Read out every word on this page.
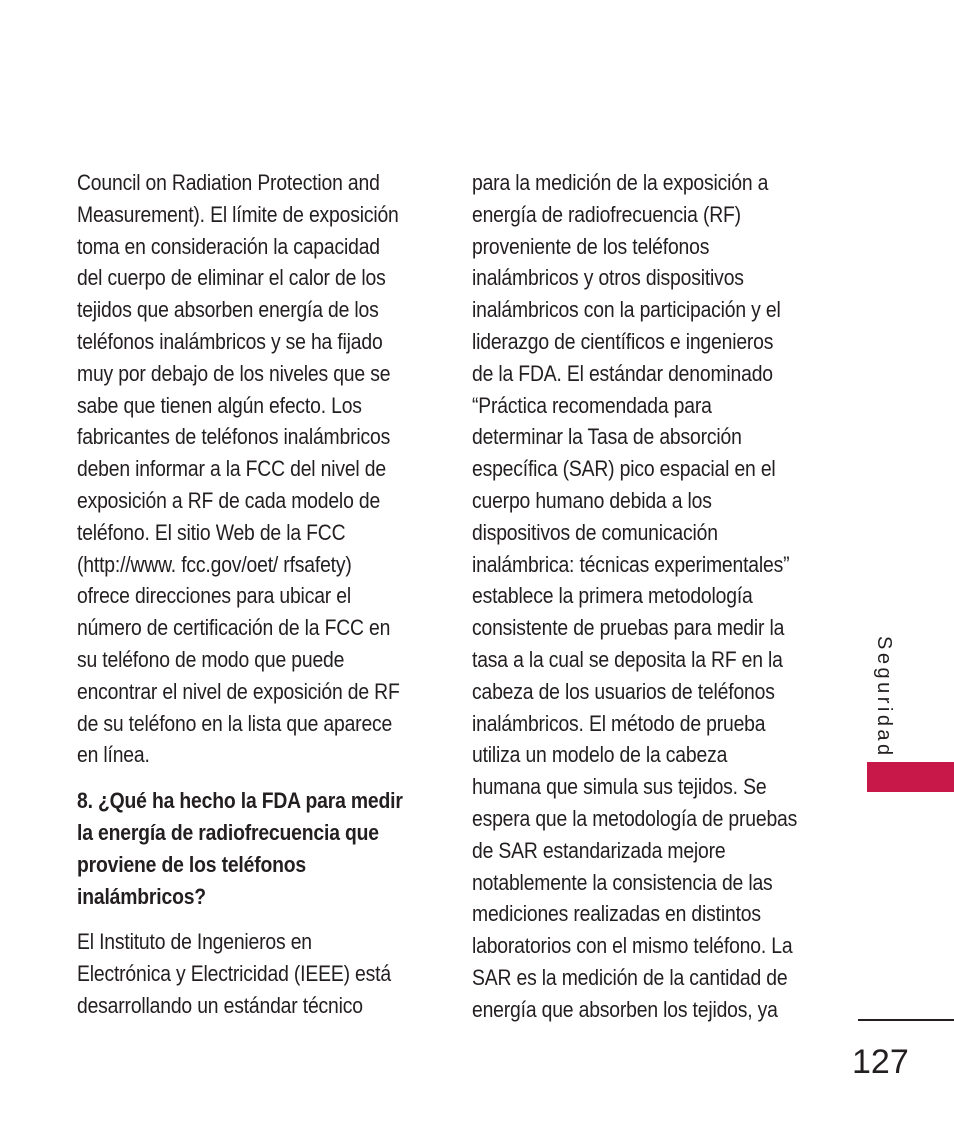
Council on Radiation Protection and
Measurement). El límite de exposición
toma en consideración la capacidad
del cuerpo de eliminar el calor de los
tejidos que absorben energía de los
teléfonos inalámbricos y se ha fijado
muy por debajo de los niveles que se
sabe que tienen algún efecto. Los
fabricantes de teléfonos inalámbricos
deben informar a la FCC del nivel de
exposición a RF de cada modelo de
teléfono. El sitio Web de la FCC
(http://www. fcc.gov/oet/ rfsafety)
ofrece direcciones para ubicar el
número de certificación de la FCC en
su teléfono de modo que puede
encontrar el nivel de exposición de RF
de su teléfono en la lista que aparece
en línea.
8. ¿Qué ha hecho la FDA para medir
la energía de radiofrecuencia que
proviene de los teléfonos
inalámbricos?
El Instituto de Ingenieros en
Electrónica y Electricidad (IEEE) está
desarrollando un estándar técnico
para la medición de la exposición a
energía de radiofrecuencia (RF)
proveniente de los teléfonos
inalámbricos y otros dispositivos
inalámbricos con la participación y el
liderazgo de científicos e ingenieros
de la FDA. El estándar denominado
“Práctica recomendada para
determinar la Tasa de absorción
específica (SAR) pico espacial en el
cuerpo humano debida a los
dispositivos de comunicación
inalámbrica: técnicas experimentales”
establece la primera metodología
consistente de pruebas para medir la
tasa a la cual se deposita la RF en la
cabeza de los usuarios de teléfonos
inalámbricos. El método de prueba
utiliza un modelo de la cabeza
humana que simula sus tejidos. Se
espera que la metodología de pruebas
de SAR estandarizada mejore
notablemente la consistencia de las
mediciones realizadas en distintos
laboratorios con el mismo teléfono. La
SAR es la medición de la cantidad de
energía que absorben los tejidos, ya
Seguridad
127
